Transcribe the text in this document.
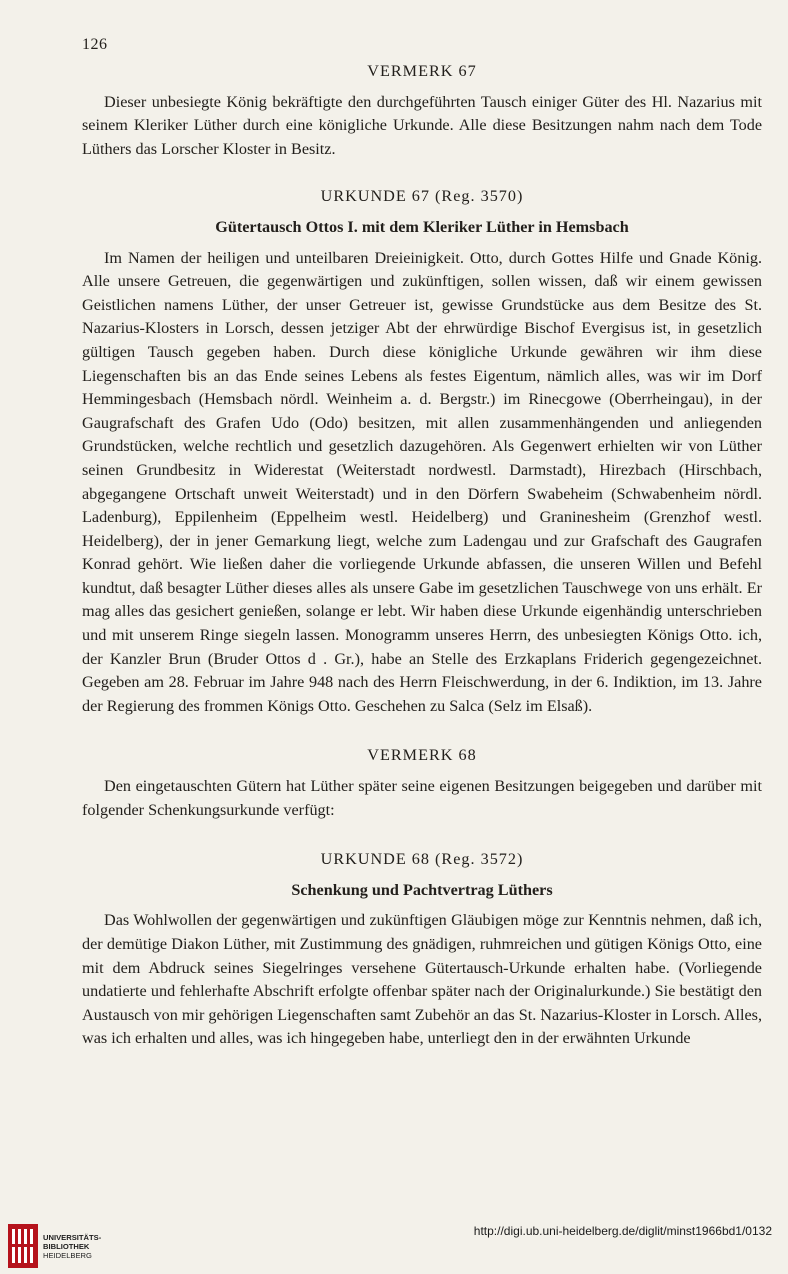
126
VERMERK 67

Dieser unbesiegte König bekräftigte den durchgeführten Tausch einiger Güter des Hl. Nazarius mit seinem Kleriker Lüther durch eine königliche Urkunde. Alle diese Besitzungen nahm nach dem Tode Lüthers das Lorscher Kloster in Besitz.

URKUNDE 67 (Reg. 3570)
Gütertausch Ottos I. mit dem Kleriker Lüther in Hemsbach

Im Namen der heiligen und unteilbaren Dreieinigkeit. Otto, durch Gottes Hilfe und Gnade König. Alle unsere Getreuen, die gegenwärtigen und zukünftigen, sollen wissen, daß wir einem gewissen Geistlichen namens Lüther, der unser Getreuer ist, gewisse Grundstücke aus dem Besitze des St. Nazarius-Klosters in Lorsch, dessen jetziger Abt der ehrwürdige Bischof Evergisus ist, in gesetzlich gültigen Tausch gegeben haben. Durch diese königliche Urkunde gewähren wir ihm diese Liegenschaften bis an das Ende seines Lebens als festes Eigentum, nämlich alles, was wir im Dorf Hemmingesbach (Hemsbach nördl. Weinheim a. d. Bergstr.) im Rinecgowe (Oberrheingau), in der Gaugrafschaft des Grafen Udo (Odo) besitzen, mit allen zusammenhängenden und anliegenden Grundstücken, welche rechtlich und gesetzlich dazugehören. Als Gegenwert erhielten wir von Lüther seinen Grundbesitz in Widerestat (Weiterstadt nordwestl. Darmstadt), Hirezbach (Hirschbach, abgegangene Ortschaft unweit Weiterstadt) und in den Dörfern Swabeheim (Schwabenheim nördl. Ladenburg), Eppilenheim (Eppelheim westl. Heidelberg) und Graninesheim (Grenzhof westl. Heidelberg), der in jener Gemarkung liegt, welche zum Ladengau und zur Grafschaft des Gaugrafen Konrad gehört. Wie ließen daher die vorliegende Urkunde abfassen, die unseren Willen und Befehl kundtut, daß besagter Lüther dieses alles als unsere Gabe im gesetzlichen Tauschwege von uns erhält. Er mag alles das gesichert genießen, solange er lebt. Wir haben diese Urkunde eigenhändig unterschrieben und mit unserem Ringe siegeln lassen. Monogramm unseres Herrn, des unbesiegten Königs Otto. ich, der Kanzler Brun (Bruder Ottos d . Gr.), habe an Stelle des Erzkaplans Friderich gegengezeichnet. Gegeben am 28. Februar im Jahre 948 nach des Herrn Fleischwerdung, in der 6. Indiktion, im 13. Jahre der Regierung des frommen Königs Otto. Geschehen zu Salca (Selz im Elsaß).

VERMERK 68

Den eingetauschten Gütern hat Lüther später seine eigenen Besitzungen beigegeben und darüber mit folgender Schenkungsurkunde verfügt:

URKUNDE 68 (Reg. 3572)
Schenkung und Pachtvertrag Lüthers

Das Wohlwollen der gegenwärtigen und zukünftigen Gläubigen möge zur Kenntnis nehmen, daß ich, der demütige Diakon Lüther, mit Zustimmung des gnädigen, ruhmreichen und gütigen Königs Otto, eine mit dem Abdruck seines Siegelringes versehene Gütertausch-Urkunde erhalten habe. (Vorliegende undatierte und fehlerhafte Abschrift erfolgte offenbar später nach der Originalurkunde.) Sie bestätigt den Austausch von mir gehörigen Liegenschaften samt Zubehör an das St. Nazarius-Kloster in Lorsch. Alles, was ich erhalten und alles, was ich hingegeben habe, unterliegt den in der erwähnten Urkunde

UNIVERSITÄTS-
BIBLIOTHEK
HEIDELBERG
http://digi.ub.uni-heidelberg.de/diglit/minst1966bd1/0132
